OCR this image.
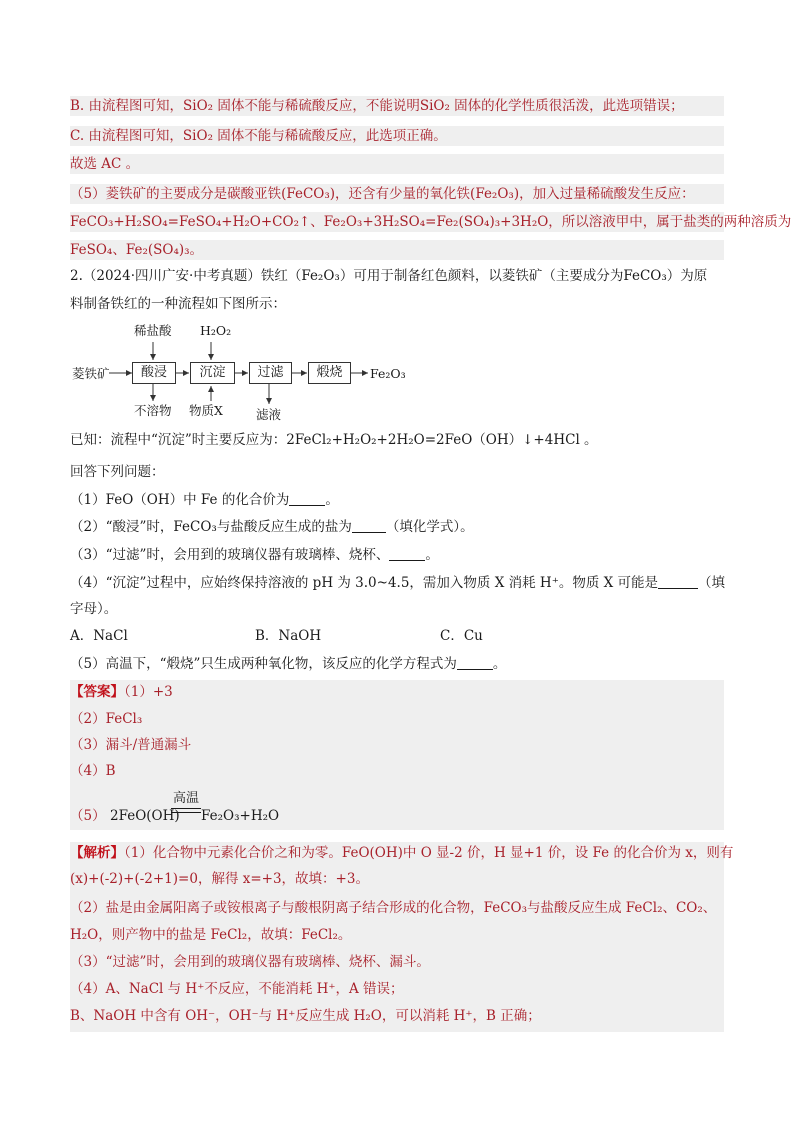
B. 由流程图可知，SiO₂ 固体不能与稀硫酸反应，不能说明SiO₂ 固体的化学性质很活泼，此选项错误；
C. 由流程图可知，SiO₂ 固体不能与稀硫酸反应，此选项正确。
故选 AC 。
（5）菱铁矿的主要成分是碳酸亚铁(FeCO₃)，还含有少量的氧化铁(Fe₂O₃)，加入过量稀硫酸发生反应：
FeCO₃+H₂SO₄=FeSO₄+H₂O+CO₂↑、Fe₂O₃+3H₂SO₄=Fe₂(SO₄)₃+3H₂O，所以溶液甲中，属于盐类的两种溶质为
FeSO₄、Fe₂(SO₄)₃。
2.（2024·四川广安·中考真题）铁红（Fe₂O₃）可用于制备红色颜料，以菱铁矿（主要成分为FeCO₃）为原
料制备铁红的一种流程如下图所示：
菱铁矿	酸浸	沉淀	过滤	煅烧	Fe₂O₃
稀盐酸 H₂O₂
不溶物 物质X	滤液
已知：流程中“沉淀”时主要反应为：2FeCl₂+H₂O₂+2H₂O=2FeO（OH）↓+4HCl 。
回答下列问题：
（1）FeO（OH）中 Fe 的化合价为	。
（2）“酸浸”时，FeCO₃与盐酸反应生成的盐为	（填化学式）。
（3）“过滤”时，会用到的玻璃仪器有玻璃棒、烧杯、	。
（4）“沉淀”过程中，应始终保持溶液的 pH 为 3.0~4.5，需加入物质 X 消耗 H⁺。物质 X 可能是	（填
字母）。
A．NaCl	B．NaOH	C．Cu
（5）高温下，“煅烧”只生成两种氧化物，该反应的化学方程式为	。
【答案】（1）+3
（2）FeCl₃
（3）漏斗/普通漏斗
（4）B
（5） 2FeO(OH)
高温
Fe₂O₃+H₂O
【解析】（1）化合物中元素化合价之和为零。FeO(OH)中 O 显-2 价，H 显+1 价，设 Fe 的化合价为 x，则有
(x)+(-2)+(-2+1)=0，解得 x=+3，故填：+3。
（2）盐是由金属阳离子或铵根离子与酸根阴离子结合形成的化合物，FeCO₃与盐酸反应生成 FeCl₂、CO₂、
H₂O，则产物中的盐是 FeCl₂，故填：FeCl₂。
（3）“过滤”时，会用到的玻璃仪器有玻璃棒、烧杯、漏斗。
（4）A、NaCl 与 H⁺不反应，不能消耗 H⁺，A 错误；
B、NaOH 中含有 OH⁻，OH⁻与 H⁺反应生成 H₂O，可以消耗 H⁺，B 正确；
